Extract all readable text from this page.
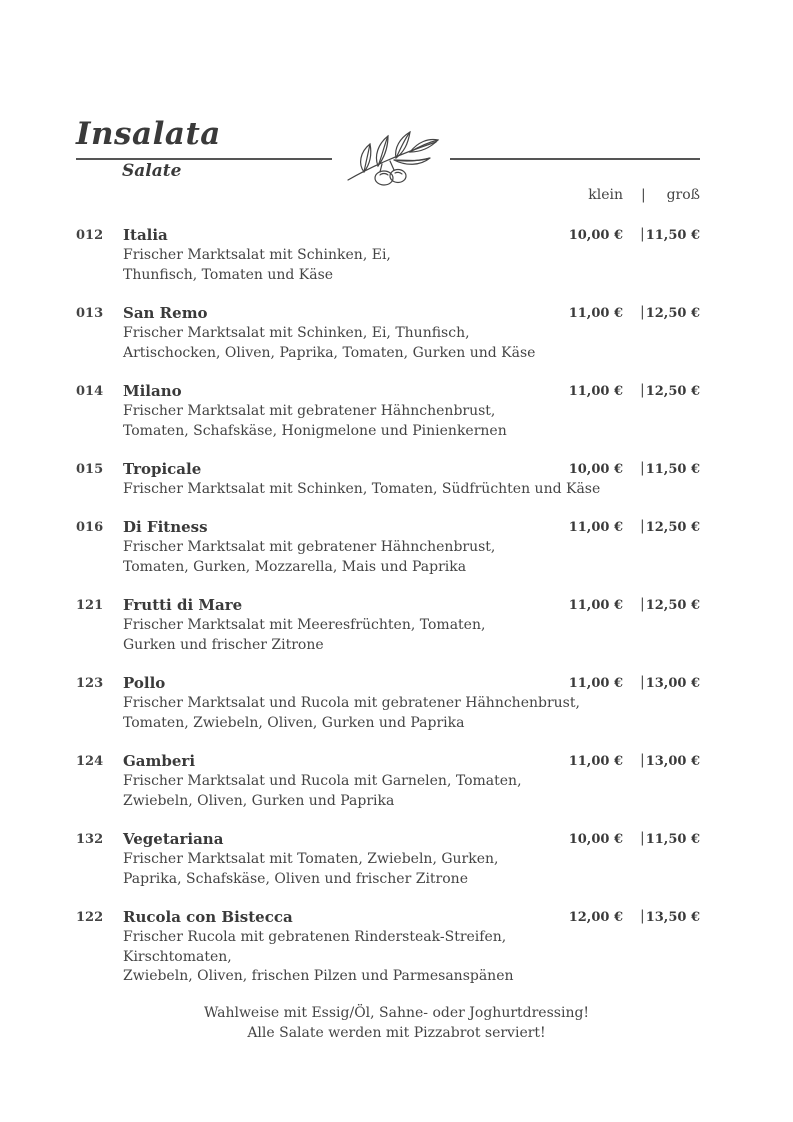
Insalata
Salate
klein | groß
012 Italia
Frischer Marktsalat mit Schinken, Ei,
Thunfisch, Tomaten und Käse
10,00 € | 11,50 €
013 San Remo
Frischer Marktsalat mit Schinken, Ei, Thunfisch,
Artischocken, Oliven, Paprika, Tomaten, Gurken und Käse
11,00 € | 12,50 €
014 Milano
Frischer Marktsalat mit gebratener Hähnchenbrust,
Tomaten, Schafskäse, Honigmelone und Pinienkernen
11,00 € | 12,50 €
015 Tropicale
Frischer Marktsalat mit Schinken, Tomaten, Südfrüchten und Käse
10,00 € | 11,50 €
016 Di Fitness
Frischer Marktsalat mit gebratener Hähnchenbrust,
Tomaten, Gurken, Mozzarella, Mais und Paprika
11,00 € | 12,50 €
121 Frutti di Mare
Frischer Marktsalat mit Meeresfrüchten, Tomaten,
Gurken und frischer Zitrone
11,00 € | 12,50 €
123 Pollo
Frischer Marktsalat und Rucola mit gebratener Hähnchenbrust,
Tomaten, Zwiebeln, Oliven, Gurken und Paprika
11,00 € | 13,00 €
124 Gamberi
Frischer Marktsalat und Rucola mit Garnelen, Tomaten,
Zwiebeln, Oliven, Gurken und Paprika
11,00 € | 13,00 €
132 Vegetariana
Frischer Marktsalat mit Tomaten, Zwiebeln, Gurken,
Paprika, Schafskäse, Oliven und frischer Zitrone
10,00 € | 11,50 €
122 Rucola con Bistecca
Frischer Rucola mit gebratenen Rindersteak-Streifen, Kirschtomaten,
Zwiebeln, Oliven, frischen Pilzen und Parmesanspänen
12,00 € | 13,50 €
Wahlweise mit Essig/Öl, Sahne- oder Joghurtdressing!
Alle Salate werden mit Pizzabrot serviert!
